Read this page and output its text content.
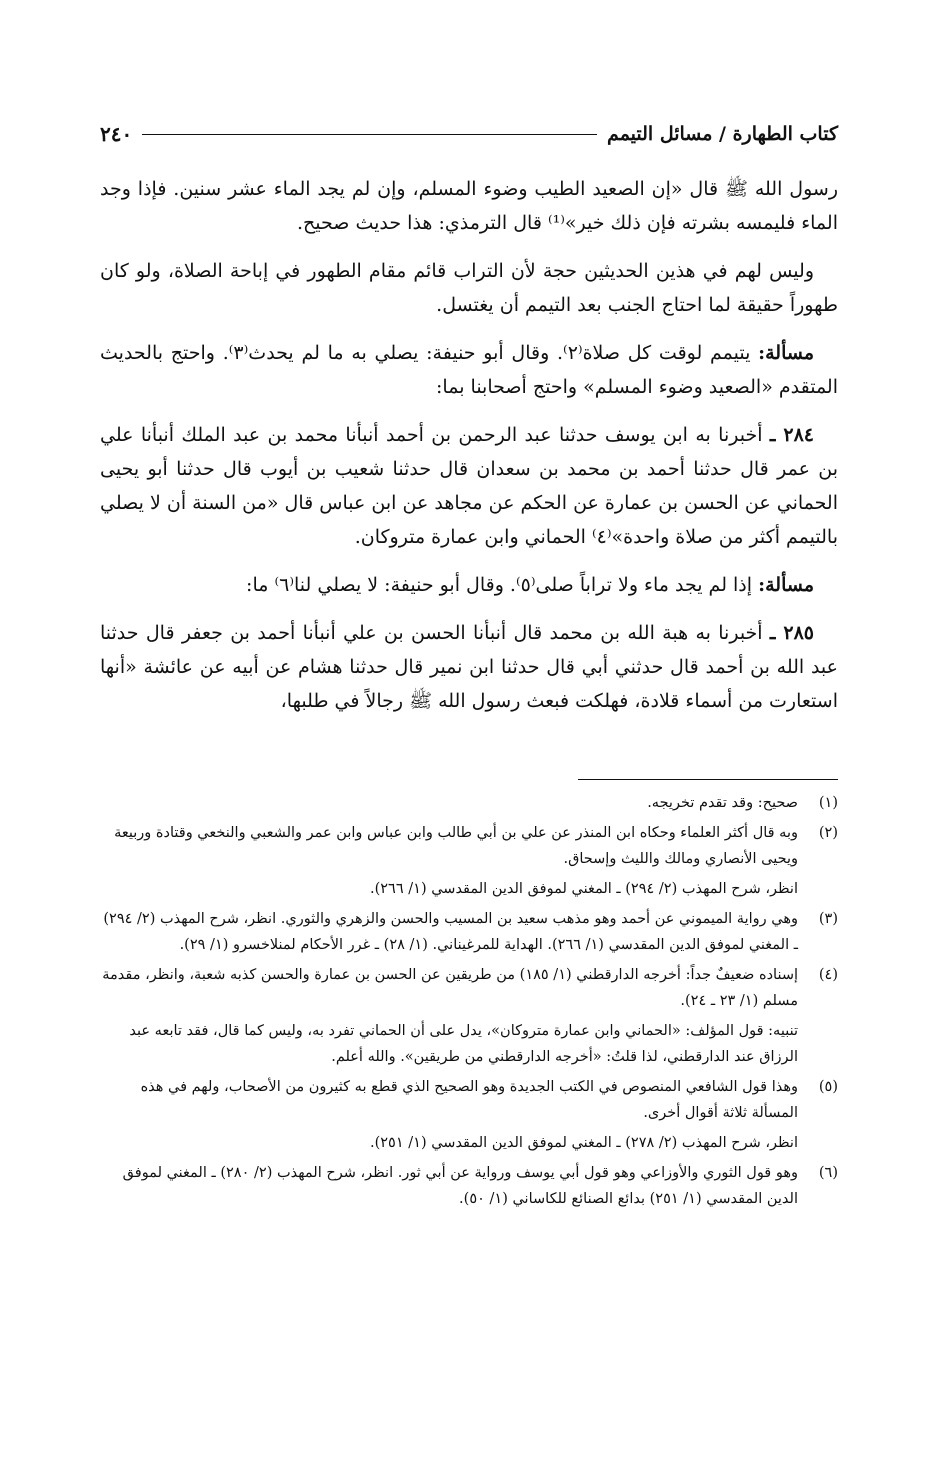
كتاب الطهارة / مسائل التيمم
٢٤٠

رسول الله ﷺ قال «إن الصعيد الطيب وضوء المسلم، وإن لم يجد الماء عشر سنين. فإذا وجد الماء فليمسه بشرته فإن ذلك خير»⁽¹⁾ قال الترمذي: هذا حديث صحيح.

وليس لهم في هذين الحديثين حجة لأن التراب قائم مقام الطهور في إباحة الصلاة، ولو كان طهوراً حقيقة لما احتاج الجنب بعد التيمم أن يغتسل.

مسألة: يتيمم لوقت كل صلاة⁽٢⁾. وقال أبو حنيفة: يصلي به ما لم يحدث⁽٣⁾. واحتج بالحديث المتقدم «الصعيد وضوء المسلم» واحتج أصحابنا بما:

٢٨٤ ـ أخبرنا به ابن يوسف حدثنا عبد الرحمن بن أحمد أنبأنا محمد بن عبد الملك أنبأنا علي بن عمر قال حدثنا أحمد بن محمد بن سعدان قال حدثنا شعيب بن أيوب قال حدثنا أبو يحيى الحماني عن الحسن بن عمارة عن الحكم عن مجاهد عن ابن عباس قال «من السنة أن لا يصلي بالتيمم أكثر من صلاة واحدة»⁽٤⁾ الحماني وابن عمارة متروكان.

مسألة: إذا لم يجد ماء ولا تراباً صلى⁽٥⁾. وقال أبو حنيفة: لا يصلي لنا⁽٦⁾ ما:

٢٨٥ ـ أخبرنا به هبة الله بن محمد قال أنبأنا الحسن بن علي أنبأنا أحمد بن جعفر قال حدثنا عبد الله بن أحمد قال حدثني أبي قال حدثنا ابن نمير قال حدثنا هشام عن أبيه عن عائشة «أنها استعارت من أسماء قلادة، فهلكت فبعث رسول الله ﷺ رجالاً في طلبها،

(١)
صحيح: وقد تقدم تخريجه.
(٢)
وبه قال أكثر العلماء وحكاه ابن المنذر عن علي بن أبي طالب وابن عباس وابن عمر والشعبي والنخعي وقتادة وربيعة ويحيى الأنصاري ومالك والليث وإسحاق.
انظر، شرح المهذب (٢/ ٢٩٤) ـ المغني لموفق الدين المقدسي (١/ ٢٦٦).
(٣)
وهي رواية الميموني عن أحمد وهو مذهب سعيد بن المسيب والحسن والزهري والثوري. انظر، شرح المهذب (٢/ ٢٩٤) ـ المغني لموفق الدين المقدسي (١/ ٢٦٦). الهداية للمرغيناني. (١/ ٢٨) ـ غرر الأحكام لمنلاخسرو (١/ ٢٩).
(٤)
إسناده ضعيفٌ جداً: أخرجه الدارقطني (١/ ١٨٥) من طريقين عن الحسن بن عمارة والحسن كذبه شعبة، وانظر، مقدمة مسلم (١/ ٢٣ ـ ٢٤).
تنبيه: قول المؤلف: «الحماني وابن عمارة متروكان»، يدل على أن الحماني تفرد به، وليس كما قال، فقد تابعه عبد الرزاق عند الدارقطني، لذا قلتُ: «أخرجه الدارقطني من طريقين». والله أعلم.
(٥)
وهذا قول الشافعي المنصوص في الكتب الجديدة وهو الصحيح الذي قطع به كثيرون من الأصحاب، ولهم في هذه المسألة ثلاثة أقوال أخرى.
انظر، شرح المهذب (٢/ ٢٧٨) ـ المغني لموفق الدين المقدسي (١/ ٢٥١).
(٦)
وهو قول الثوري والأوزاعي وهو قول أبي يوسف ورواية عن أبي ثور. انظر، شرح المهذب (٢/ ٢٨٠) ـ المغني لموفق الدين المقدسي (١/ ٢٥١) بدائع الصنائع للكاساني (١/ ٥٠).
